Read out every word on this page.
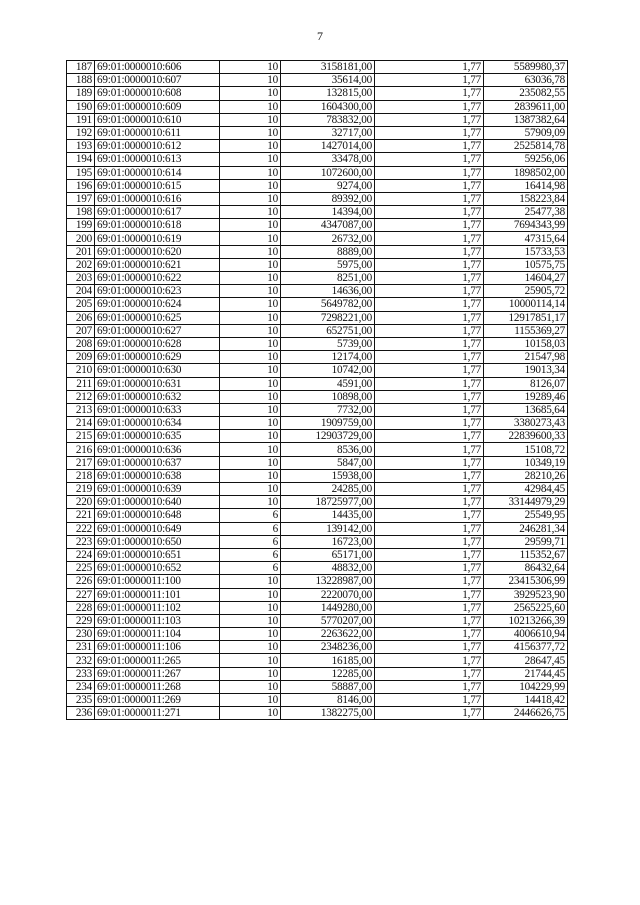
7
187	69:01:0000010:606	10	3158181,00	1,77	5589980,37
188	69:01:0000010:607	10	35614,00	1,77	63036,78
189	69:01:0000010:608	10	132815,00	1,77	235082,55
190	69:01:0000010:609	10	1604300,00	1,77	2839611,00
191	69:01:0000010:610	10	783832,00	1,77	1387382,64
192	69:01:0000010:611	10	32717,00	1,77	57909,09
193	69:01:0000010:612	10	1427014,00	1,77	2525814,78
194	69:01:0000010:613	10	33478,00	1,77	59256,06
195	69:01:0000010:614	10	1072600,00	1,77	1898502,00
196	69:01:0000010:615	10	9274,00	1,77	16414,98
197	69:01:0000010:616	10	89392,00	1,77	158223,84
198	69:01:0000010:617	10	14394,00	1,77	25477,38
199	69:01:0000010:618	10	4347087,00	1,77	7694343,99
200	69:01:0000010:619	10	26732,00	1,77	47315,64
201	69:01:0000010:620	10	8889,00	1,77	15733,53
202	69:01:0000010:621	10	5975,00	1,77	10575,75
203	69:01:0000010:622	10	8251,00	1,77	14604,27
204	69:01:0000010:623	10	14636,00	1,77	25905,72
205	69:01:0000010:624	10	5649782,00	1,77	10000114,14
206	69:01:0000010:625	10	7298221,00	1,77	12917851,17
207	69:01:0000010:627	10	652751,00	1,77	1155369,27
208	69:01:0000010:628	10	5739,00	1,77	10158,03
209	69:01:0000010:629	10	12174,00	1,77	21547,98
210	69:01:0000010:630	10	10742,00	1,77	19013,34
211	69:01:0000010:631	10	4591,00	1,77	8126,07
212	69:01:0000010:632	10	10898,00	1,77	19289,46
213	69:01:0000010:633	10	7732,00	1,77	13685,64
214	69:01:0000010:634	10	1909759,00	1,77	3380273,43
215	69:01:0000010:635	10	12903729,00	1,77	22839600,33
216	69:01:0000010:636	10	8536,00	1,77	15108,72
217	69:01:0000010:637	10	5847,00	1,77	10349,19
218	69:01:0000010:638	10	15938,00	1,77	28210,26
219	69:01:0000010:639	10	24285,00	1,77	42984,45
220	69:01:0000010:640	10	18725977,00	1,77	33144979,29
221	69:01:0000010:648	6	14435,00	1,77	25549,95
222	69:01:0000010:649	6	139142,00	1,77	246281,34
223	69:01:0000010:650	6	16723,00	1,77	29599,71
224	69:01:0000010:651	6	65171,00	1,77	115352,67
225	69:01:0000010:652	6	48832,00	1,77	86432,64
226	69:01:0000011:100	10	13228987,00	1,77	23415306,99
227	69:01:0000011:101	10	2220070,00	1,77	3929523,90
228	69:01:0000011:102	10	1449280,00	1,77	2565225,60
229	69:01:0000011:103	10	5770207,00	1,77	10213266,39
230	69:01:0000011:104	10	2263622,00	1,77	4006610,94
231	69:01:0000011:106	10	2348236,00	1,77	4156377,72
232	69:01:0000011:265	10	16185,00	1,77	28647,45
233	69:01:0000011:267	10	12285,00	1,77	21744,45
234	69:01:0000011:268	10	58887,00	1,77	104229,99
235	69:01:0000011:269	10	8146,00	1,77	14418,42
236	69:01:0000011:271	10	1382275,00	1,77	2446626,75
